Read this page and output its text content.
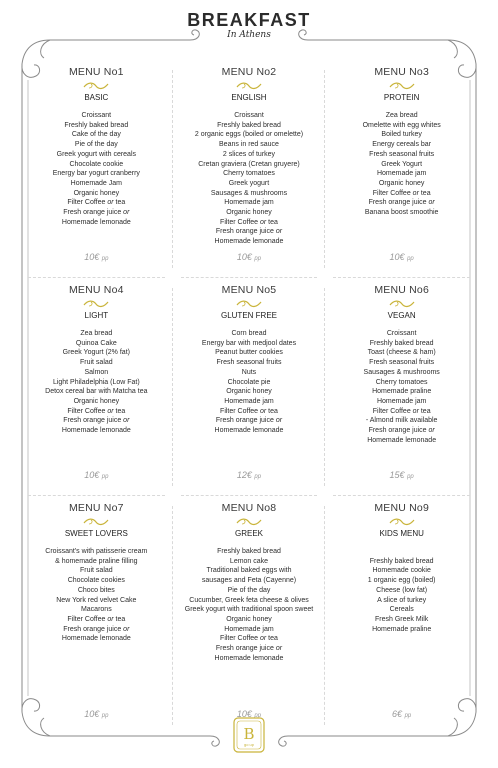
BREAKFAST
In Athens
MENU No1
BASIC
Croissant
Freshly baked bread
Cake of the day
Pie of the day
Greek yogurt with cereals
Chocolate cookie
Energy bar yogurt cranberry
Homemade Jam
Organic honey
Filter Coffee or tea
Fresh orange juice or
Homemade lemonade
10€ pp
MENU No2
ENGLISH
Croissant
Freshly baked bread
2 organic eggs (boiled or omelette)
Beans in red sauce
2 slices of turkey
Cretan graviera (Cretan gruyere)
Cherry tomatoes
Greek yogurt
Sausages & mushrooms
Homemade jam
Organic honey
Filter Coffee or tea
Fresh orange juice or
Homemade lemonade
10€ pp
MENU No3
PROTEIN
Zea bread
Omelette with egg whites
Boiled turkey
Energy cereals bar
Fresh seasonal fruits
Greek Yogurt
Homemade jam
Organic honey
Filter Coffee or tea
Fresh orange juice or
Banana boost smoothie
10€ pp
MENU No4
LIGHT
Zea bread
Quinoa Cake
Greek Yogurt (2% fat)
Fruit salad
Salmon
Light Philadelphia (Low Fat)
Detox cereal bar with Matcha tea
Organic honey
Filter Coffee or tea
Fresh orange juice or
Homemade lemonade
10€ pp
MENU No5
GLUTEN FREE
Corn bread
Energy bar with medjool dates
Peanut butter cookies
Fresh seasonal fruits
Nuts
Chocolate pie
Organic honey
Homemade jam
Filter Coffee or tea
Fresh orange juice or
Homemade lemonade
12€ pp
MENU No6
VEGAN
Croissant
Freshly baked bread
Toast (cheese & ham)
Fresh seasonal fruits
Sausages & mushrooms
Cherry tomatoes
Homemade praline
Homemade jam
Filter Coffee or tea
- Almond milk available
Fresh orange juice or
Homemade lemonade
15€ pp
MENU No7
SWEET LOVERS
Croissant's with patisserie cream
& homemade praline filling
Fruit salad
Chocolate cookies
Choco bites
New York red velvet Cake
Macarons
Filter Coffee or tea
Fresh orange juice or
Homemade lemonade
10€ pp
MENU No8
GREEK
Freshly baked bread
Lemon cake
Traditional baked eggs with
sausages and Feta (Cayenne)
Pie of the day
Cucumber, Greek feta cheese & olives
Greek yogurt with traditional spoon sweet
Organic honey
Homemade jam
Filter Coffee or tea
Fresh orange juice or
Homemade lemonade
10€ pp
MENU No9
KIDS MENU

Freshly baked bread
Homemade cookie
1 organic egg (boiled)
Cheese (low fat)
A slice of turkey
Cereals
Fresh Greek Milk
Homemade praline
6€ pp
B
go up
